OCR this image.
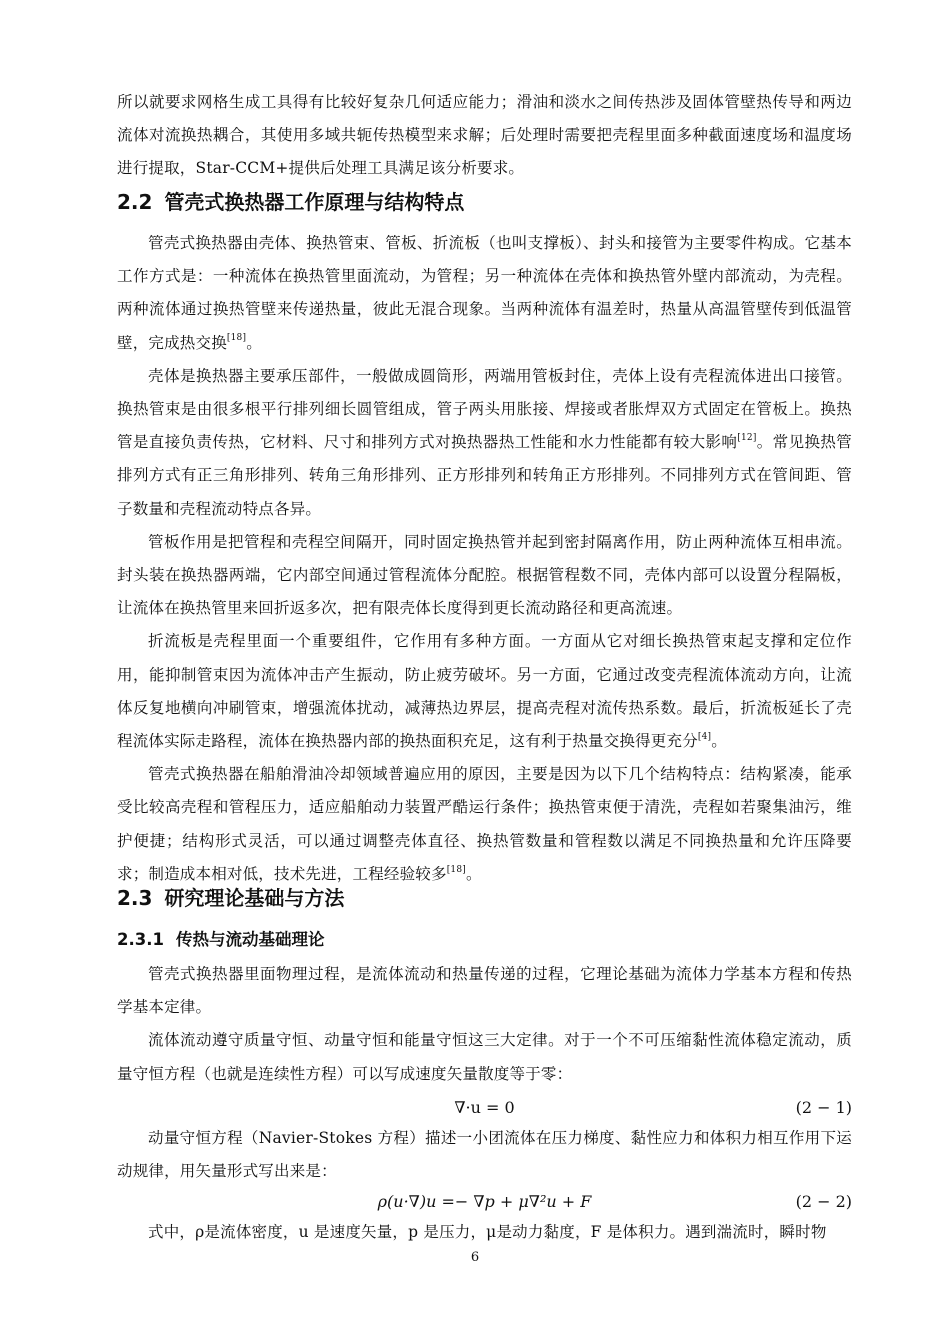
所以就要求网格生成工具得有比较好复杂几何适应能力；滑油和淡水之间传热涉及固体管壁热传导和两边流体对流换热耦合，其使用多域共轭传热模型来求解；后处理时需要把壳程里面多种截面速度场和温度场进行提取，Star-CCM+提供后处理工具满足该分析要求。

2.2 管壳式换热器工作原理与结构特点

管壳式换热器由壳体、换热管束、管板、折流板（也叫支撑板）、封头和接管为主要零件构成。它基本工作方式是：一种流体在换热管里面流动，为管程；另一种流体在壳体和换热管外壁内部流动，为壳程。两种流体通过换热管壁来传递热量，彼此无混合现象。当两种流体有温差时，热量从高温管壁传到低温管壁，完成热交换[18]。

壳体是换热器主要承压部件，一般做成圆筒形，两端用管板封住，壳体上设有壳程流体进出口接管。换热管束是由很多根平行排列细长圆管组成，管子两头用胀接、焊接或者胀焊双方式固定在管板上。换热管是直接负责传热，它材料、尺寸和排列方式对换热器热工性能和水力性能都有较大影响[12]。常见换热管排列方式有正三角形排列、转角三角形排列、正方形排列和转角正方形排列。不同排列方式在管间距、管子数量和壳程流动特点各异。

管板作用是把管程和壳程空间隔开，同时固定换热管并起到密封隔离作用，防止两种流体互相串流。封头装在换热器两端，它内部空间通过管程流体分配腔。根据管程数不同，壳体内部可以设置分程隔板，让流体在换热管里来回折返多次，把有限壳体长度得到更长流动路径和更高流速。

折流板是壳程里面一个重要组件，它作用有多种方面。一方面从它对细长换热管束起支撑和定位作用，能抑制管束因为流体冲击产生振动，防止疲劳破坏。另一方面，它通过改变壳程流体流动方向，让流体反复地横向冲刷管束，增强流体扰动，减薄热边界层，提高壳程对流传热系数。最后，折流板延长了壳程流体实际走路程，流体在换热器内部的换热面积充足，这有利于热量交换得更充分[4]。

管壳式换热器在船舶滑油冷却领域普遍应用的原因，主要是因为以下几个结构特点：结构紧凑，能承受比较高壳程和管程压力，适应船舶动力装置严酷运行条件；换热管束便于清洗，壳程如若聚集油污，维护便捷；结构形式灵活，可以通过调整壳体直径、换热管数量和管程数以满足不同换热量和允许压降要求；制造成本相对低，技术先进，工程经验较多[18]。

2.3 研究理论基础与方法
2.3.1 传热与流动基础理论

管壳式换热器里面物理过程，是流体流动和热量传递的过程，它理论基础为流体力学基本方程和传热学基本定律。

流体流动遵守质量守恒、动量守恒和能量守恒这三大定律。对于一个不可压缩黏性流体稳定流动，质量守恒方程（也就是连续性方程）可以写成速度矢量散度等于零：

∇·u = 0	(2 − 1)

动量守恒方程（Navier-Stokes 方程）描述一小团流体在压力梯度、黏性应力和体积力相互作用下运动规律，用矢量形式写出来是：

ρ(u·∇)u =− ∇p + μ∇²u + F	(2 − 2)

式中，ρ是流体密度，u 是速度矢量，p 是压力，μ是动力黏度，F 是体积力。遇到湍流时，瞬时物

6
